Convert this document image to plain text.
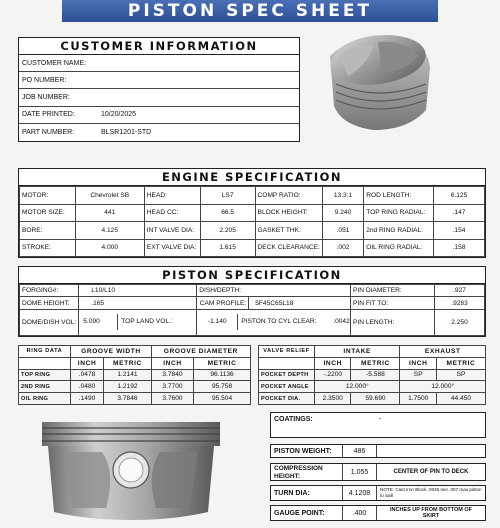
PISTON SPEC SHEET
CUSTOMER INFORMATION
CUSTOMER NAME:
PO NUMBER:
JOB NUMBER:
DATE PRINTED:	10/20/2025
PART NUMBER:	BLSR1201-STD
ENGINE SPECIFICATION
MOTOR:	Chevrolet SB	HEAD:	LS7	COMP RATIO:	13.3:1	ROD LENGTH:	6.125
MOTOR SIZE:	441	HEAD CC:	66.5	BLOCK HEIGHT:	9.240	TOP RING RADIAL:	.147
BORE:	4.125	INT VALVE DIA:	2.205	GASKET THK:	.051	2nd RING RADIAL:	.154
STROKE:	4.000	EXT VALVE DIA:	1.615	DECK CLEARANCE:	.002	OIL RING RADIAL:	.158
PISTON SPECIFICATION
FORGING#:	L10/L10	DISH/DEPTH:		PIN DIAMETER:	.927
DOME HEIGHT:	.165	CAM PROFILE:	5F45C65L18	PIN FIT TO:	.9283
DOME/DISH VOL:	5.090 TOP LAND VOL.:	-1.140 PISTON TO CYL CLEAR: .0042		PIN LENGTH:	2.250
RING DATA	GROOVE WIDTH		GROOVE DIAMETER	
	INCH	METRIC	INCH	METRIC
TOP RING	.0478	1.2141	3.7840	96.1136
2ND RING	.0480	1.2192	3.7700	95.758
OIL RING	.1490	3.7846	3.7600	95.504
VALVE RELIEF	INTAKE		EXHAUST	
	INCH	METRIC	INCH	METRIC
POCKET DEPTH	-.2200	-5.588	SP	SP
POCKET ANGLE	12.000°		12.000°	
POCKET DIA.	2.3500	59.690	1.7500	44.450
COATINGS:	-
PISTON WEIGHT:	486
COMPRESSION HEIGHT:
1.055	CENTER OF PIN TO DECK
TURN DIA:	4.1208
NOTE: Cast Iron Block .0045 min .007 max piston to wall
GAUGE POINT:	.400
INCHES UP FROM BOTTOM OF SKIRT
